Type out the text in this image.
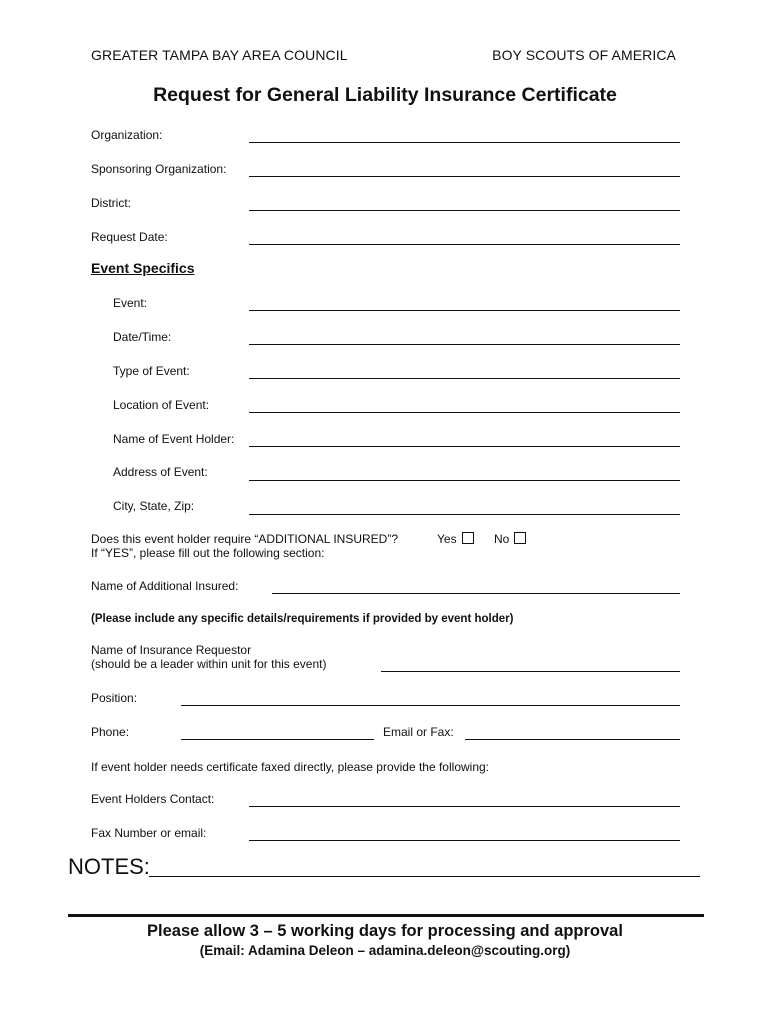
GREATER TAMPA BAY AREA COUNCIL	BOY SCOUTS OF AMERICA
Request for General Liability Insurance Certificate
Organization:
Sponsoring Organization:
District:
Request Date:
Event Specifics
Event:
Date/Time:
Type of Event:
Location of Event:
Name of Event Holder:
Address of Event:
City, State, Zip:
Does this event holder require “ADDITIONAL INSURED”?	Yes	No
If “YES”, please fill out the following section:
Name of Additional Insured:
(Please include any specific details/requirements if provided by event holder)
Name of Insurance Requestor
(should be a leader within unit for this event)
Position:
Phone:	Email or Fax:
If event holder needs certificate faxed directly, please provide the following:
Event Holders Contact:
Fax Number or email:
NOTES:
Please allow 3 – 5 working days for processing and approval
(Email: Adamina Deleon – adamina.deleon@scouting.org)
